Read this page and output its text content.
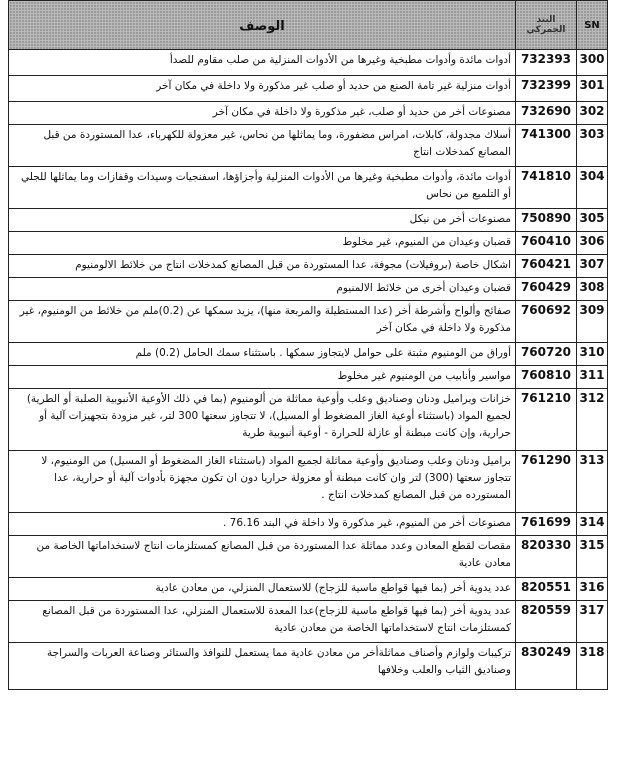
SN	البند الجمركي	الوصف
300	732393	أدوات مائدة وأدوات مطبخية وغيرها من الأدوات المنزلية من صلب مقاوم للصدأ
301	732399	أدوات منزلية غير تامة الصنع من حديد أو صلب غير مذكورة ولا داخلة في مكان آخر
302	732690	مصنوعات أخر من حديد أو صلب، غير مذكورة ولا داخلة في مكان آخر
303	741300	أسلاك مجدولة، كابلات، امراس مضفورة، وما يماثلها من نحاس، غير معزولة للكهرباء، عدا المستوردة من قبل المصانع كمدخلات انتاج
304	741810	أدوات مائدة، وأدوات مطبخية وغيرها من الأدوات المنزلية وأجزاؤها، اسفنجيات وسيدات وقفازات وما يماثلها للجلي أو التلميع من نحاس
305	750890	مصنوعات أخر من نيكل
306	760410	قضبان وعيدان من المنيوم، غير مخلوط
307	760421	اشكال خاصة (بروفيلات) مجوفة، عدا المستوردة من قبل المصانع كمدخلات انتاج من خلائط الالومنيوم
308	760429	قضبان وعيدان أخرى من خلائط الالمنيوم
309	760692	صفائح وألواح وأشرطة أخر (عدا المستطيلة والمربعة منها)، يزيد سمكها عن (0.2)ملم من خلائط من الومنيوم، غير مذكورة ولا داخلة في مكان آخر
310	760720	أوراق من الومنيوم مثبتة على حوامل لايتجاوز سمكها . باستثناء سمك الحامل (0.2) ملم
311	760810	مواسير وأنابيب من الومنيوم غير مخلوط
312	761210	خزانات وبراميل ودنان وصناديق وعلب وأوعية مماثلة من ألومنيوم (بما في ذلك الأوعية الأنبوبية الصلبة أو الطرية) لجميع المواد (باستثناء أوعية الغاز المضغوط أو المسيل)، لا تتجاوز سعتها 300 لتر، غير مزودة بتجهيزات آلية أو حرارية، وإن كانت مبطنة أو عازلة للحرارة - أوعية أنبوبية طرية
313	761290	براميل ودنان وعلب وصناديق وأوعية مماثلة لجميع المواد (باستثناء الغاز المضغوط أو المسيل) من الومنيوم، لا تتجاوز سعتها (300) لتر وان كانت مبطنة أو معزولة حراريا دون ان تكون مجهزة بأدوات آلية أو حرارية، عدا المستورده من قبل المصانع كمدخلات انتاج .
314	761699	مصنوعات أخر من المنيوم، غير مذكورة ولا داخلة في البند 76.16 .
315	820330	مقصات لقطع المعادن وعدد مماثلة عدا المستوردة من قبل المصانع كمستلزمات انتاج لاستخداماتها الخاصة من معادن عادية
316	820551	عدد يدوية أخر (بما فيها قواطع ماسية للزجاج) للاستعمال المنزلي، من معادن عادية
317	820559	عدد يدوية أخر (بما فيها قواطع ماسية للزجاج)عدا المعدة للاستعمال المنزلي، عدا المستوردة من قبل المصانع كمستلزمات انتاج لاستخداماتها الخاصة من معادن عادية
318	830249	تركيبات ولوازم وأصناف مماثلةأخر من معادن عادية مما يستعمل للنوافذ والستائر وصناعة العربات والسراجة وصناديق الثياب والعلب وخلافها
